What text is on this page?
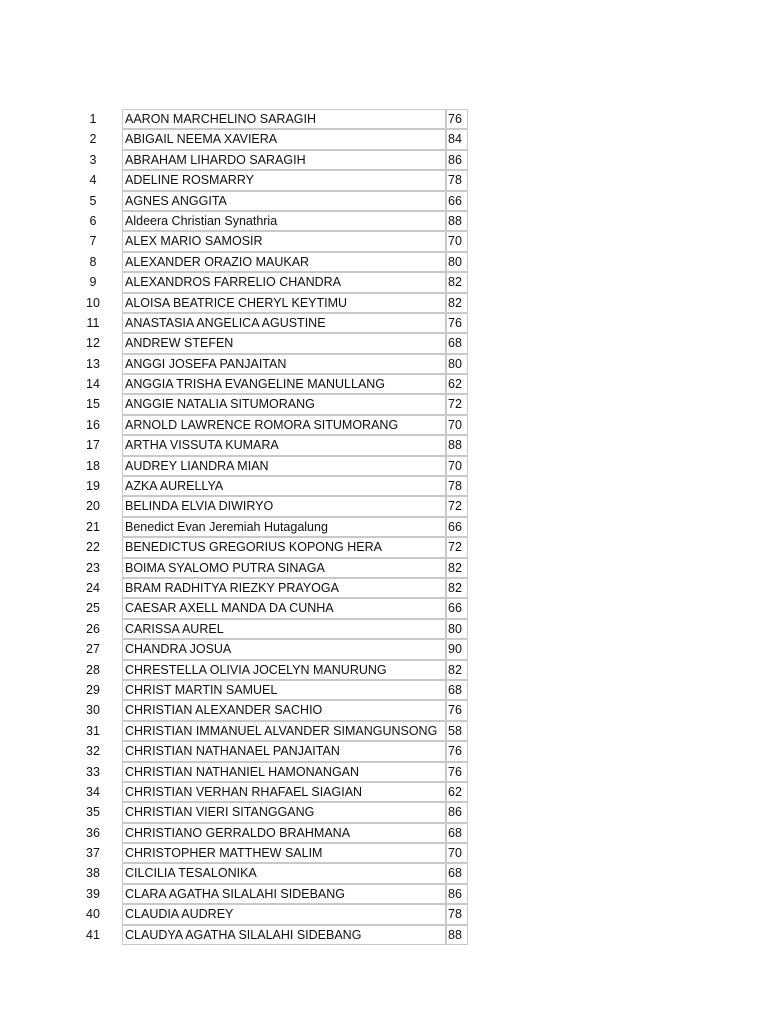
1	AARON MARCHELINO SARAGIH	76
2	ABIGAIL NEEMA XAVIERA	84
3	ABRAHAM LIHARDO SARAGIH	86
4	ADELINE ROSMARRY	78
5	AGNES ANGGITA	66
6	Aldeera Christian Synathria	88
7	ALEX MARIO SAMOSIR	70
8	ALEXANDER ORAZIO MAUKAR	80
9	ALEXANDROS FARRELIO CHANDRA	82
10	ALOISA BEATRICE CHERYL KEYTIMU	82
11	ANASTASIA ANGELICA AGUSTINE	76
12	ANDREW STEFEN	68
13	ANGGI JOSEFA PANJAITAN	80
14	ANGGIA TRISHA EVANGELINE MANULLANG	62
15	ANGGIE NATALIA SITUMORANG	72
16	ARNOLD LAWRENCE ROMORA SITUMORANG	70
17	ARTHA VISSUTA KUMARA	88
18	AUDREY LIANDRA MIAN	70
19	AZKA AURELLYA	78
20	BELINDA ELVIA DIWIRYO	72
21	Benedict Evan Jeremiah Hutagalung	66
22	BENEDICTUS GREGORIUS KOPONG HERA	72
23	BOIMA SYALOMO PUTRA SINAGA	82
24	BRAM RADHITYA RIEZKY PRAYOGA	82
25	CAESAR AXELL MANDA DA CUNHA	66
26	CARISSA AUREL	80
27	CHANDRA JOSUA	90
28	CHRESTELLA OLIVIA JOCELYN MANURUNG	82
29	CHRIST MARTIN SAMUEL	68
30	CHRISTIAN ALEXANDER SACHIO	76
31	CHRISTIAN IMMANUEL ALVANDER SIMANGUNSONG 58
32	CHRISTIAN NATHANAEL PANJAITAN	76
33	CHRISTIAN NATHANIEL HAMONANGAN	76
34	CHRISTIAN VERHAN RHAFAEL SIAGIAN	62
35	CHRISTIAN VIERI SITANGGANG	86
36	CHRISTIANO GERRALDO BRAHMANA	68
37	CHRISTOPHER MATTHEW SALIM	70
38	CILCILIA TESALONIKA	68
39	CLARA AGATHA SILALAHI SIDEBANG	86
40	CLAUDIA AUDREY	78
41	CLAUDYA AGATHA SILALAHI SIDEBANG	88
